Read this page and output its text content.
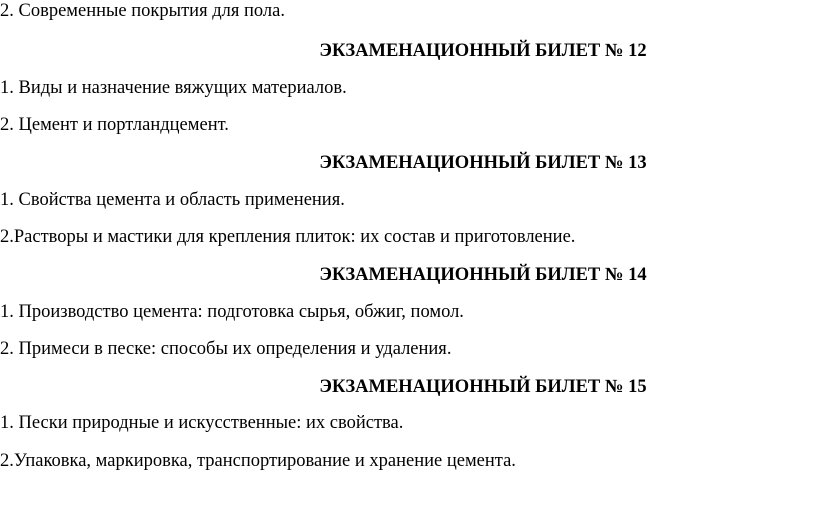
2. Современные покрытия для пола.
ЭКЗАМЕНАЦИОННЫЙ БИЛЕТ № 12
1. Виды и назначение вяжущих материалов.
2. Цемент и портландцемент.
ЭКЗАМЕНАЦИОННЫЙ БИЛЕТ № 13
1. Свойства цемента и область применения.
2.Растворы и мастики для крепления плиток: их состав и приготовление.
ЭКЗАМЕНАЦИОННЫЙ БИЛЕТ № 14
1. Производство цемента: подготовка сырья, обжиг, помол.
2. Примеси в песке: способы их определения и удаления.
ЭКЗАМЕНАЦИОННЫЙ БИЛЕТ № 15
1. Пески природные и искусственные: их свойства.
2.Упаковка, маркировка, транспортирование и хранение цемента.
